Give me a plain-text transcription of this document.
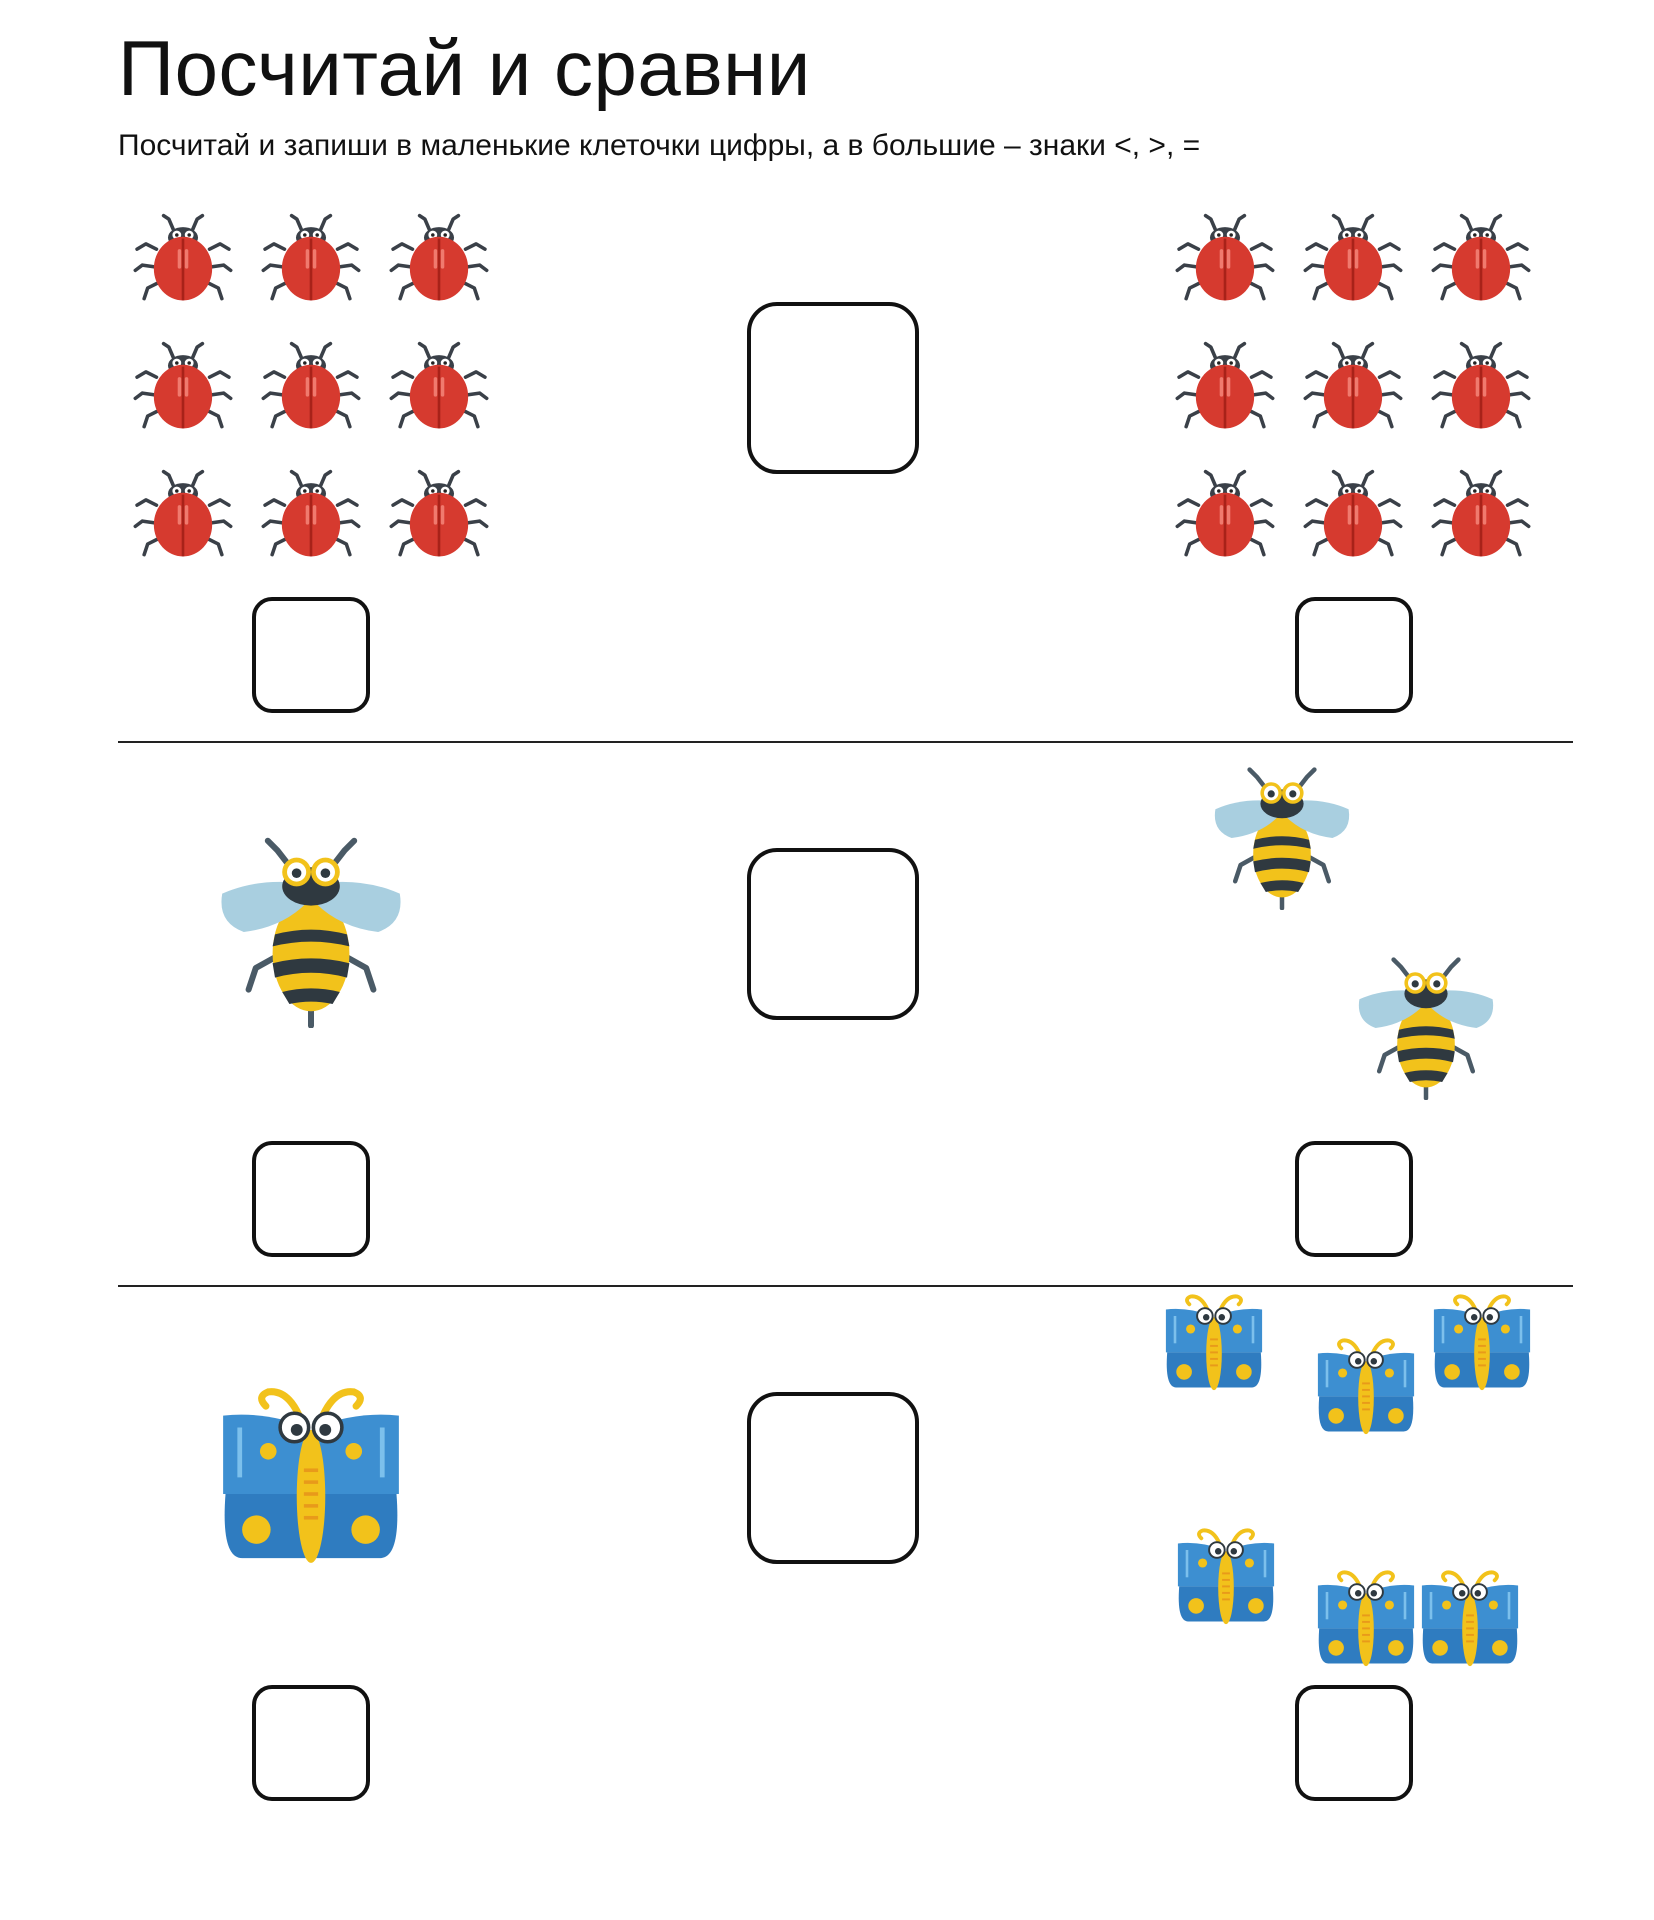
Посчитай и сравни

Посчитай и запиши в маленькие клеточки цифры, а в большие – знаки <, >, =
